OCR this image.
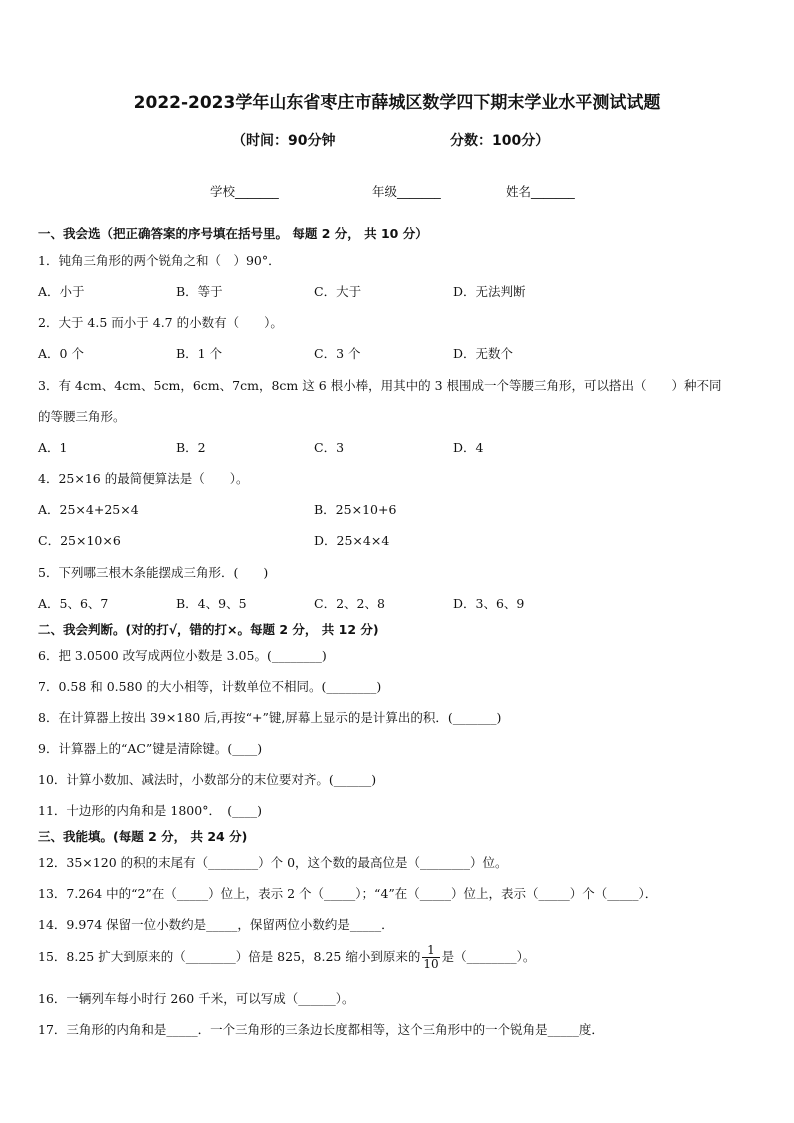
2022-2023学年山东省枣庄市薛城区数学四下期末学业水平测试试题
（时间：90分钟	分数：100分）
学校_______	年级_______	姓名_______
一、我会选（把正确答案的序号填在括号里。 每题 2 分， 共 10 分）
1．钝角三角形的两个锐角之和（　）90°．
A．小于	B．等于	C．大于	D．无法判断
2．大于 4.5 而小于 4.7 的小数有（　　）。
A．0 个	B．1 个	C．3 个	D．无数个
3．有 4cm、4cm、5cm，6cm、7cm，8cm 这 6 根小棒，用其中的 3 根围成一个等腰三角形，可以搭出（　　）种不同
的等腰三角形。
A．1	B．2	C．3	D．4
4．25×16 的最简便算法是（　　）。
A．25×4+25×4	B．25×10+6
C．25×10×6	D．25×4×4
5．下列哪三根木条能摆成三角形．(　　)
A．5、6、7	B．4、9、5	C．2、2、8	D．3、6、9
二、我会判断。(对的打√，错的打×。每题 2 分， 共 12 分)
6．把 3.0500 改写成两位小数是 3.05。(________)
7．0.58 和 0.580 的大小相等，计数单位不相同。(________)
8．在计算器上按出 39×180 后,再按“+”键,屏幕上显示的是计算出的积．(_______)
9．计算器上的“AC”键是清除键。(____)
10．计算小数加、减法时，小数部分的末位要对齐。(______)
11．十边形的内角和是 1800°．　(____)
三、我能填。(每题 2 分， 共 24 分)
12．35×120 的积的末尾有（________）个 0，这个数的最高位是（________）位。
13．7.264 中的“2”在（_____）位上，表示 2 个（_____）；“4”在（_____）位上，表示（_____）个（_____）．
14．9.974 保留一位小数约是_____，保留两位小数约是_____．
15．8.25 扩大到原来的（________）倍是 825，8.25 缩小到原来的 $\frac{1}{10}$ 是（________）。
16．一辆列车每小时行 260 千米，可以写成（______）。
17．三角形的内角和是_____．一个三角形的三条边长度都相等，这个三角形中的一个锐角是_____度．
